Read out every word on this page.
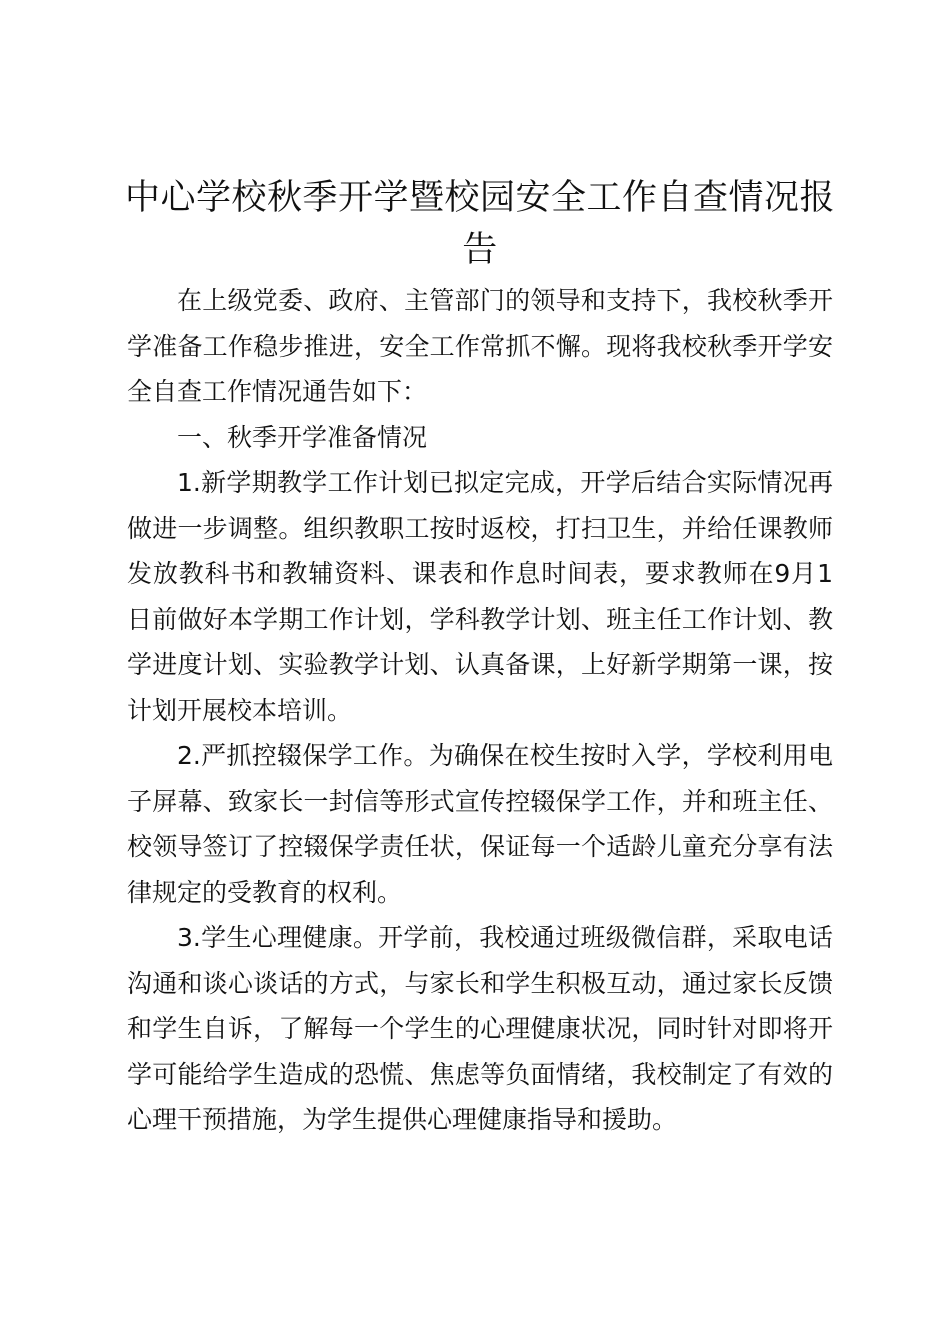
中心学校秋季开学暨校园安全工作自查情况报告

在上级党委、政府、主管部门的领导和支持下，我校秋季开学准备工作稳步推进，安全工作常抓不懈。现将我校秋季开学安全自查工作情况通告如下：

一、秋季开学准备情况

1.新学期教学工作计划已拟定完成，开学后结合实际情况再做进一步调整。组织教职工按时返校，打扫卫生，并给任课教师发放教科书和教辅资料、课表和作息时间表，要求教师在9月1日前做好本学期工作计划，学科教学计划、班主任工作计划、教学进度计划、实验教学计划、认真备课，上好新学期第一课，按计划开展校本培训。

2.严抓控辍保学工作。为确保在校生按时入学，学校利用电子屏幕、致家长一封信等形式宣传控辍保学工作，并和班主任、校领导签订了控辍保学责任状，保证每一个适龄儿童充分享有法律规定的受教育的权利。

3.学生心理健康。开学前，我校通过班级微信群，采取电话沟通和谈心谈话的方式，与家长和学生积极互动，通过家长反馈和学生自诉，了解每一个学生的心理健康状况，同时针对即将开学可能给学生造成的恐慌、焦虑等负面情绪，我校制定了有效的心理干预措施，为学生提供心理健康指导和援助。
